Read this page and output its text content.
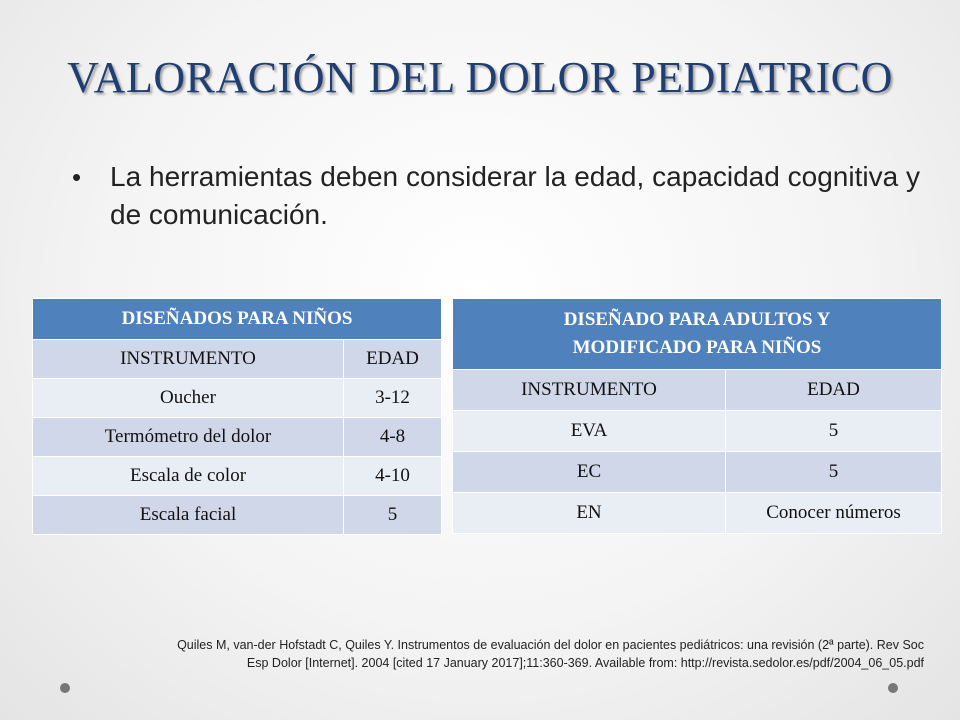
VALORACIÓN DEL DOLOR PEDIATRICO
• La herramientas deben considerar la edad, capacidad cognitiva y de comunicación.
DISEÑADOS PARA NIÑOS	
INSTRUMENTO	EDAD
Oucher	3-12
Termómetro del dolor	4-8
Escala de color	4-10
Escala facial	5
DISEÑADO PARA ADULTOS Y
MODIFICADO PARA NIÑOS	

INSTRUMENTO	EDAD
EVA	5
EC	5
EN	Conocer números
Quiles M, van-der Hofstadt C, Quiles Y. Instrumentos de evaluación del dolor en pacientes pediátricos: una revisión (2ª parte). Rev Soc
Esp Dolor [Internet]. 2004 [cited 17 January 2017];11:360-369. Available from: http://revista.sedolor.es/pdf/2004_06_05.pdf
